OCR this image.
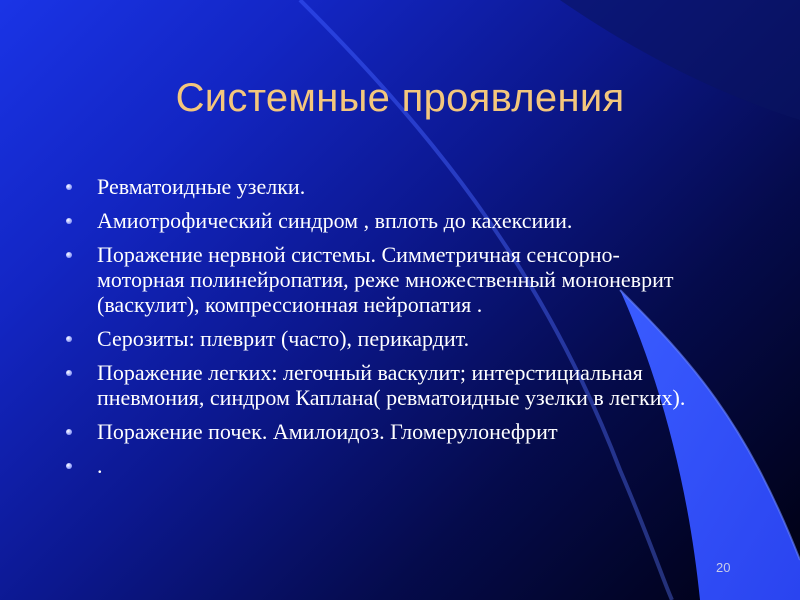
Системные проявления
Ревматоидные узелки.
Амиотрофический синдром , вплоть до кахексиии.
Поражение нервной системы. Симметричная сенсорно-моторная полинейропатия, реже множественный мононеврит (васкулит), компрессионная нейропатия .
Серозиты: плеврит (часто), перикардит.
Поражение легких: легочный васкулит; интерстициальная пневмония, синдром Каплана( ревматоидные узелки в легких).
Поражение почек. Амилоидоз. Гломерулонефрит
.
20
